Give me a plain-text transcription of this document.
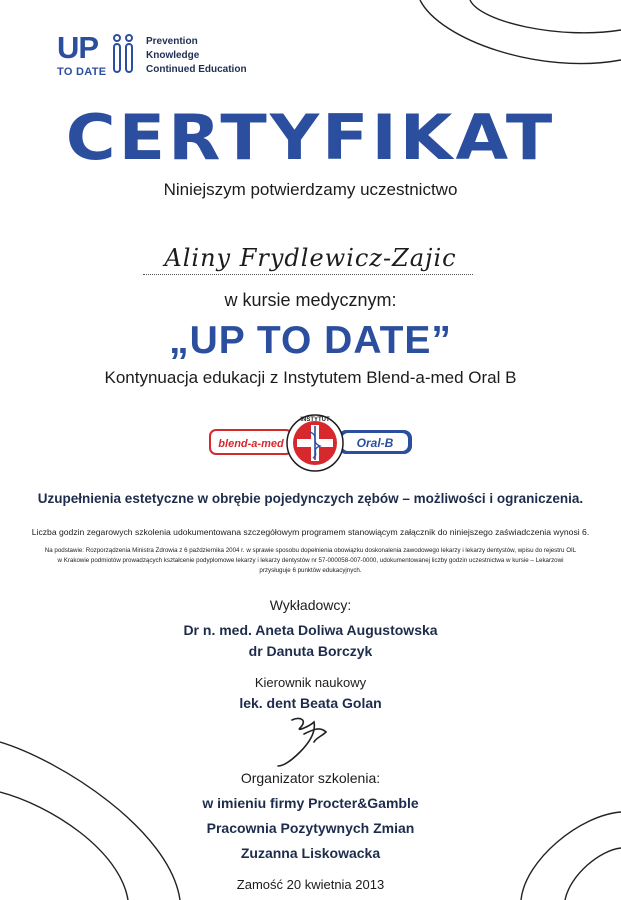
UP
TO DATE
Prevention
Knowledge
Continued Education
CERTYFIKAT
Niniejszym potwierdzamy uczestnictwo
Aliny Frydlewicz-Zajic
w kursie medycznym:
„UP TO DATE”
Kontynuacja edukacji z Instytutem Blend-a-med Oral B
blend-a-med	Oral-B
INSTYTUT
Uzupełnienia estetyczne w obrębie pojedynczych zębów – możliwości i ograniczenia.
Liczba godzin zegarowych szkolenia udokumentowana szczegółowym programem stanowiącym załącznik do niniejszego zaświadczenia wynosi 6.
Na podstawie: Rozporządzenia Ministra Zdrowia z 6 października 2004 r. w sprawie sposobu dopełnienia obowiązku doskonalenia zawodowego lekarzy i lekarzy dentystów, wpisu do rejestru OIL
w Krakowie podmiotów prowadzących kształcenie podyplomowe lekarzy i lekarzy dentystów nr 57-000058-007-0000, udokumentowanej liczby godzin uczestnictwa w kursie – Lekarzowi
przysługuje 6 punktów edukacyjnych.
Wykładowcy:
Dr n. med. Aneta Doliwa Augustowska
dr Danuta Borczyk
Kierownik naukowy
lek. dent Beata Golan
Organizator szkolenia:
w imieniu firmy Procter&Gamble
Pracownia Pozytywnych Zmian
Zuzanna Liskowacka
Zamość 20 kwietnia 2013
